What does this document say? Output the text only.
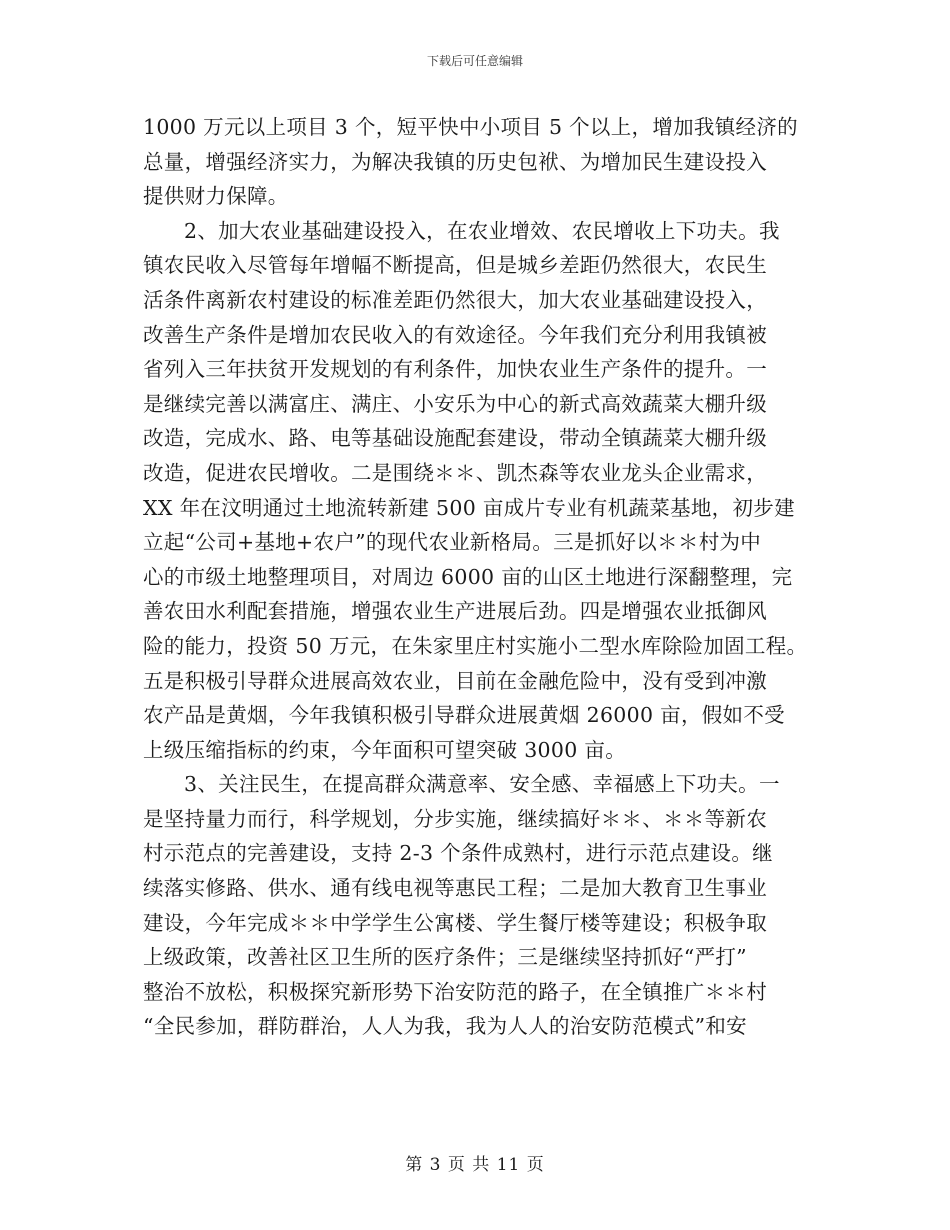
下载后可任意编辑
1000 万元以上项目 3 个，短平快中小项目 5 个以上，增加我镇经济的
总量，增强经济实力，为解决我镇的历史包袱、为增加民生建设投入
提供财力保障。
2、加大农业基础建设投入，在农业增效、农民增收上下功夫。我
镇农民收入尽管每年增幅不断提高，但是城乡差距仍然很大，农民生
活条件离新农村建设的标准差距仍然很大，加大农业基础建设投入，
改善生产条件是增加农民收入的有效途径。今年我们充分利用我镇被
省列入三年扶贫开发规划的有利条件，加快农业生产条件的提升。一
是继续完善以满富庄、满庄、小安乐为中心的新式高效蔬菜大棚升级
改造，完成水、路、电等基础设施配套建设，带动全镇蔬菜大棚升级
改造，促进农民增收。二是围绕＊＊、凯杰森等农业龙头企业需求，
XX 年在汶明通过土地流转新建 500 亩成片专业有机蔬菜基地，初步建
立起“公司+基地+农户”的现代农业新格局。三是抓好以＊＊村为中
心的市级土地整理项目，对周边 6000 亩的山区土地进行深翻整理，完
善农田水利配套措施，增强农业生产进展后劲。四是增强农业抵御风
险的能力，投资 50 万元，在朱家里庄村实施小二型水库除险加固工程。
五是积极引导群众进展高效农业，目前在金融危险中，没有受到冲激
农产品是黄烟，今年我镇积极引导群众进展黄烟 26000 亩，假如不受
上级压缩指标的约束，今年面积可望突破 3000 亩。
3、关注民生，在提高群众满意率、安全感、幸福感上下功夫。一
是坚持量力而行，科学规划，分步实施，继续搞好＊＊、＊＊等新农
村示范点的完善建设，支持 2-3 个条件成熟村，进行示范点建设。继
续落实修路、供水、通有线电视等惠民工程；二是加大教育卫生事业
建设，今年完成＊＊中学学生公寓楼、学生餐厅楼等建设；积极争取
上级政策，改善社区卫生所的医疗条件；三是继续坚持抓好“严打”
整治不放松，积极探究新形势下治安防范的路子，在全镇推广＊＊村
“全民参加，群防群治，人人为我，我为人人的治安防范模式”和安
第 3 页 共 11 页
